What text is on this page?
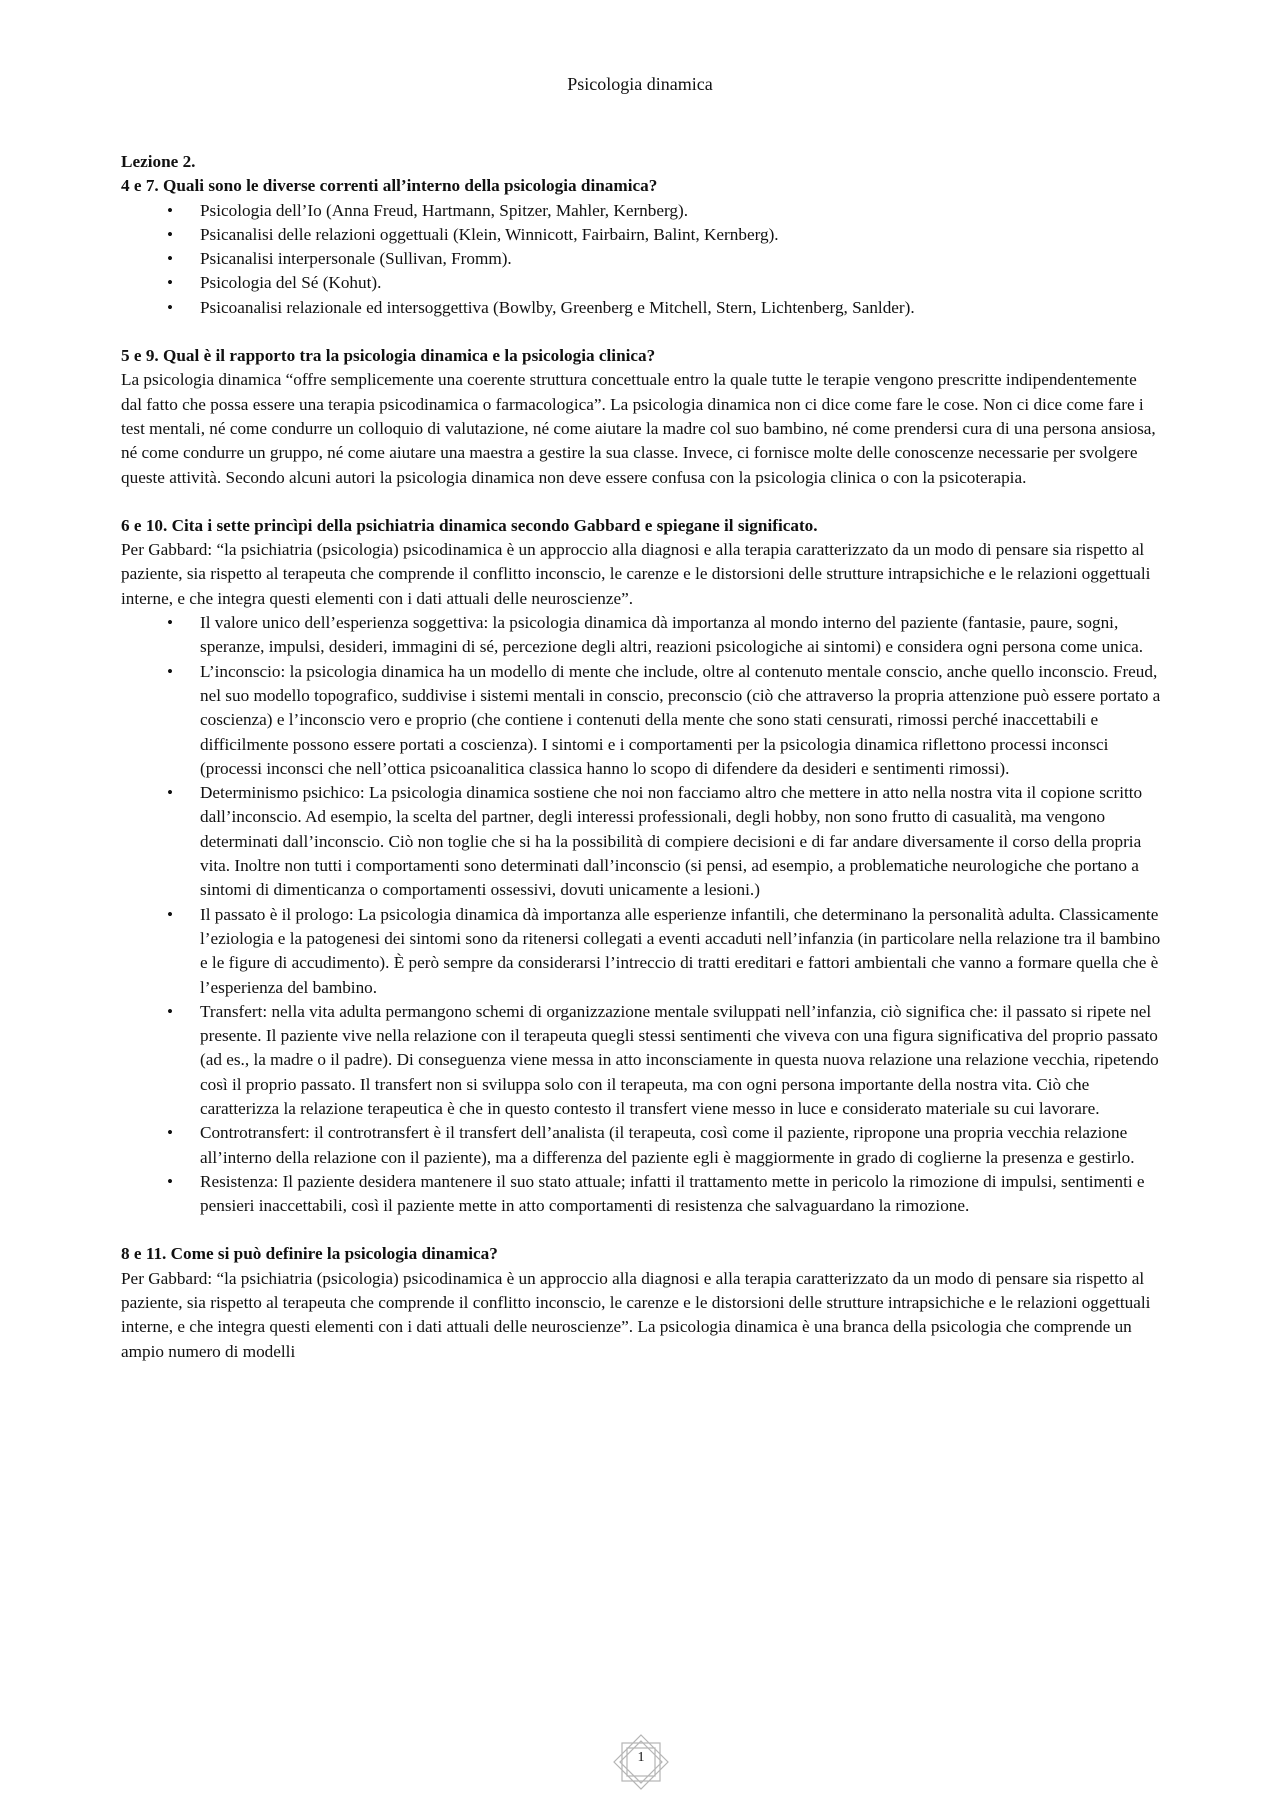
Psicologia dinamica

Lezione 2.

4 e 7. Quali sono le diverse correnti all’interno della psicologia dinamica?

• Psicologia dell’Io (Anna Freud, Hartmann, Spitzer, Mahler, Kernberg).
• Psicanalisi delle relazioni oggettuali (Klein, Winnicott, Fairbairn, Balint, Kernberg).
• Psicanalisi interpersonale (Sullivan, Fromm).
• Psicologia del Sé (Kohut).
• Psicoanalisi relazionale ed intersoggettiva (Bowlby, Greenberg e Mitchell, Stern, Lichtenberg, Sanlder).

5 e 9. Qual è il rapporto tra la psicologia dinamica e la psicologia clinica?

La psicologia dinamica “offre semplicemente una coerente struttura concettuale entro la quale tutte le terapie vengono prescritte indipendentemente dal fatto che possa essere una terapia psicodinamica o farmacologica”. La psicologia dinamica non ci dice come fare le cose. Non ci dice come fare i test mentali, né come condurre un colloquio di valutazione, né come aiutare la madre col suo bambino, né come prendersi cura di una persona ansiosa, né come condurre un gruppo, né come aiutare una maestra a gestire la sua classe. Invece, ci fornisce molte delle conoscenze necessarie per svolgere queste attività. Secondo alcuni autori la psicologia dinamica non deve essere confusa con la psicologia clinica o con la psicoterapia.

6 e 10. Cita i sette princìpi della psichiatria dinamica secondo Gabbard e spiegane il significato.

Per Gabbard: “la psichiatria (psicologia) psicodinamica è un approccio alla diagnosi e alla terapia caratterizzato da un modo di pensare sia rispetto al paziente, sia rispetto al terapeuta che comprende il conflitto inconscio, le carenze e le distorsioni delle strutture intrapsichiche e le relazioni oggettuali interne, e che integra questi elementi con i dati attuali delle neuroscienze”.

• Il valore unico dell’esperienza soggettiva: la psicologia dinamica dà importanza al mondo interno del paziente (fantasie, paure, sogni, speranze, impulsi, desideri, immagini di sé, percezione degli altri, reazioni psicologiche ai sintomi) e considera ogni persona come unica.
• L’inconscio: la psicologia dinamica ha un modello di mente che include, oltre al contenuto mentale conscio, anche quello inconscio. Freud, nel suo modello topografico, suddivise i sistemi mentali in conscio, preconscio (ciò che attraverso la propria attenzione può essere portato a coscienza) e l’inconscio vero e proprio (che contiene i contenuti della mente che sono stati censurati, rimossi perché inaccettabili e difficilmente possono essere portati a coscienza). I sintomi e i comportamenti per la psicologia dinamica riflettono processi inconsci (processi inconsci che nell’ottica psicoanalitica classica hanno lo scopo di difendere da desideri e sentimenti rimossi).
• Determinismo psichico: La psicologia dinamica sostiene che noi non facciamo altro che mettere in atto nella nostra vita il copione scritto dall’inconscio. Ad esempio, la scelta del partner, degli interessi professionali, degli hobby, non sono frutto di casualità, ma vengono determinati dall’inconscio. Ciò non toglie che si ha la possibilità di compiere decisioni e di far andare diversamente il corso della propria vita. Inoltre non tutti i comportamenti sono determinati dall’inconscio (si pensi, ad esempio, a problematiche neurologiche che portano a sintomi di dimenticanza o comportamenti ossessivi, dovuti unicamente a lesioni.)
• Il passato è il prologo: La psicologia dinamica dà importanza alle esperienze infantili, che determinano la personalità adulta. Classicamente l’eziologia e la patogenesi dei sintomi sono da ritenersi collegati a eventi accaduti nell’infanzia (in particolare nella relazione tra il bambino e le figure di accudimento). È però sempre da considerarsi l’intreccio di tratti ereditari e fattori ambientali che vanno a formare quella che è l’esperienza del bambino.
• Transfert: nella vita adulta permangono schemi di organizzazione mentale sviluppati nell’infanzia, ciò significa che: il passato si ripete nel presente. Il paziente vive nella relazione con il terapeuta quegli stessi sentimenti che viveva con una figura significativa del proprio passato (ad es., la madre o il padre). Di conseguenza viene messa in atto inconsciamente in questa nuova relazione una relazione vecchia, ripetendo così il proprio passato. Il transfert non si sviluppa solo con il terapeuta, ma con ogni persona importante della nostra vita. Ciò che caratterizza la relazione terapeutica è che in questo contesto il transfert viene messo in luce e considerato materiale su cui lavorare.
• Controtransfert: il controtransfert è il transfert dell’analista (il terapeuta, così come il paziente, ripropone una propria vecchia relazione all’interno della relazione con il paziente), ma a differenza del paziente egli è maggiormente in grado di coglierne la presenza e gestirlo.
• Resistenza: Il paziente desidera mantenere il suo stato attuale; infatti il trattamento mette in pericolo la rimozione di impulsi, sentimenti e pensieri inaccettabili, così il paziente mette in atto comportamenti di resistenza che salvaguardano la rimozione.

8 e 11. Come si può definire la psicologia dinamica?

Per Gabbard: “la psichiatria (psicologia) psicodinamica è un approccio alla diagnosi e alla terapia caratterizzato da un modo di pensare sia rispetto al paziente, sia rispetto al terapeuta che comprende il conflitto inconscio, le carenze e le distorsioni delle strutture intrapsichiche e le relazioni oggettuali interne, e che integra questi elementi con i dati attuali delle neuroscienze”. La psicologia dinamica è una branca della psicologia che comprende un ampio numero di modelli

1
